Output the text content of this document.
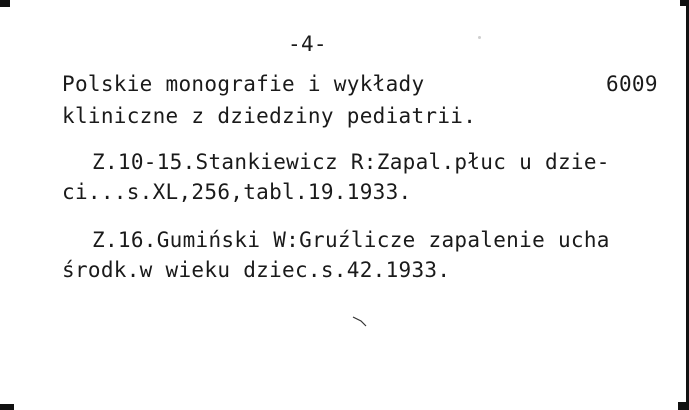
-4-
Polskie monografie i wykłady	6009
kliniczne z dziedziny pediatrii.
Z.10-15.Stankiewicz R:Zapal.płuc u dzie-
ci...s.XL,256,tabl.19.1933.
Z.16.Gumiński W:Gruźlicze zapalenie ucha
środk.w wieku dziec.s.42.1933.
